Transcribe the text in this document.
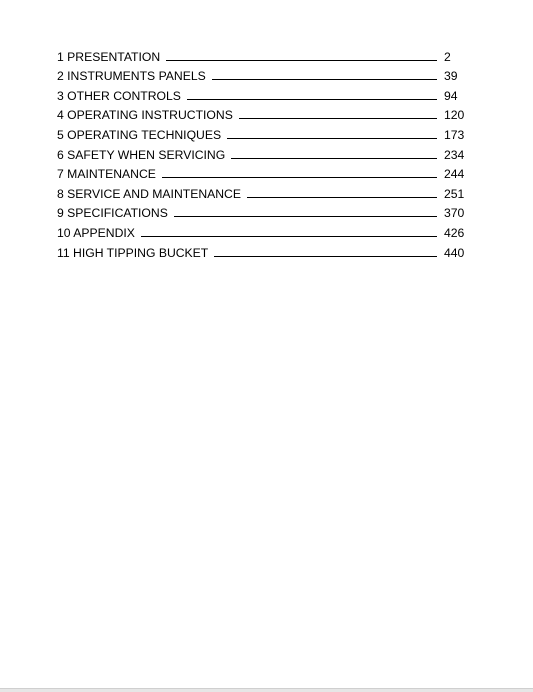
1 PRESENTATION	2
2 INSTRUMENTS PANELS	39
3 OTHER CONTROLS	94
4 OPERATING INSTRUCTIONS	120
5 OPERATING TECHNIQUES	173
6 SAFETY WHEN SERVICING	234
7 MAINTENANCE	244
8 SERVICE AND MAINTENANCE	251
9 SPECIFICATIONS	370
10 APPENDIX	426
11 HIGH TIPPING BUCKET	440
